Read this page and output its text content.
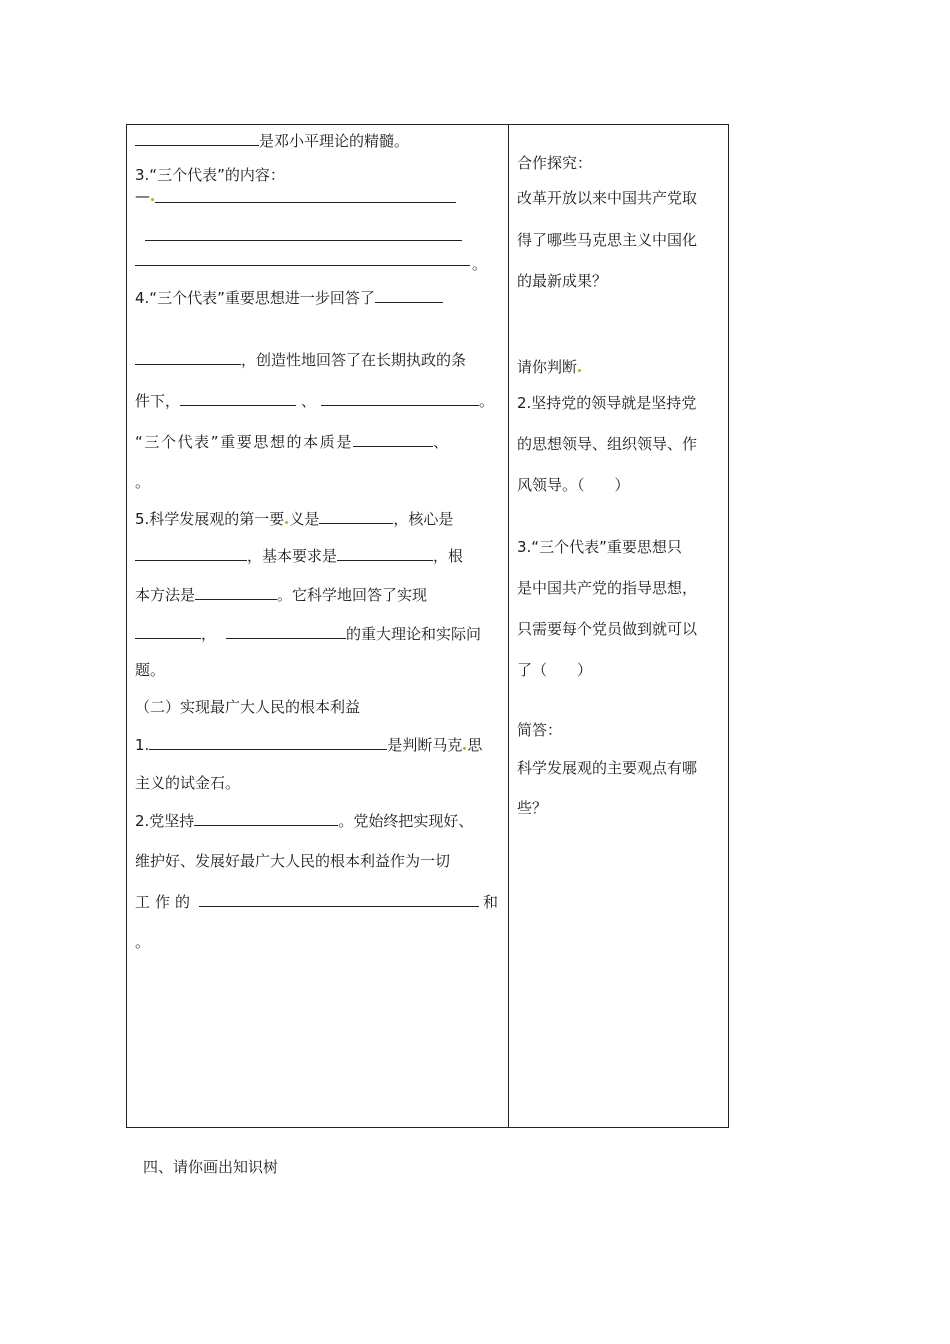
是邓小平理论的精髓。
3.“三个代表”的内容：
—
。
4.“三个代表”重要思想进一步回答了
，创造性地回答了在长期执政的条
件下，	、	。
“三个代表”重要思想的本质是	、
。
5.科学发展观的第一要 义是	，核心是
，基本要求是	，根
本方法是	。它科学地回答了实现
，	的重大理论和实际问
题。
（二）实现最广大人民的根本利益
1.	是判断马克 思
主义的试金石。
2.党坚持	。党始终把实现好、
维护好、发展好最广大人民的根本利益作为一切
工 作 的	和
。
合作探究：
改革开放以来中国共产党取
得了哪些马克思主义中国化
的最新成果？
请你判断
2.坚持党的领导就是坚持党
的思想领导、组织领导、作
风领导。（　　）
3.“三个代表”重要思想只
是中国共产党的指导思想，
只需要每个党员做到就可以
了（　　）
简答：
科学发展观的主要观点有哪
些？
四、请你画出知识树
